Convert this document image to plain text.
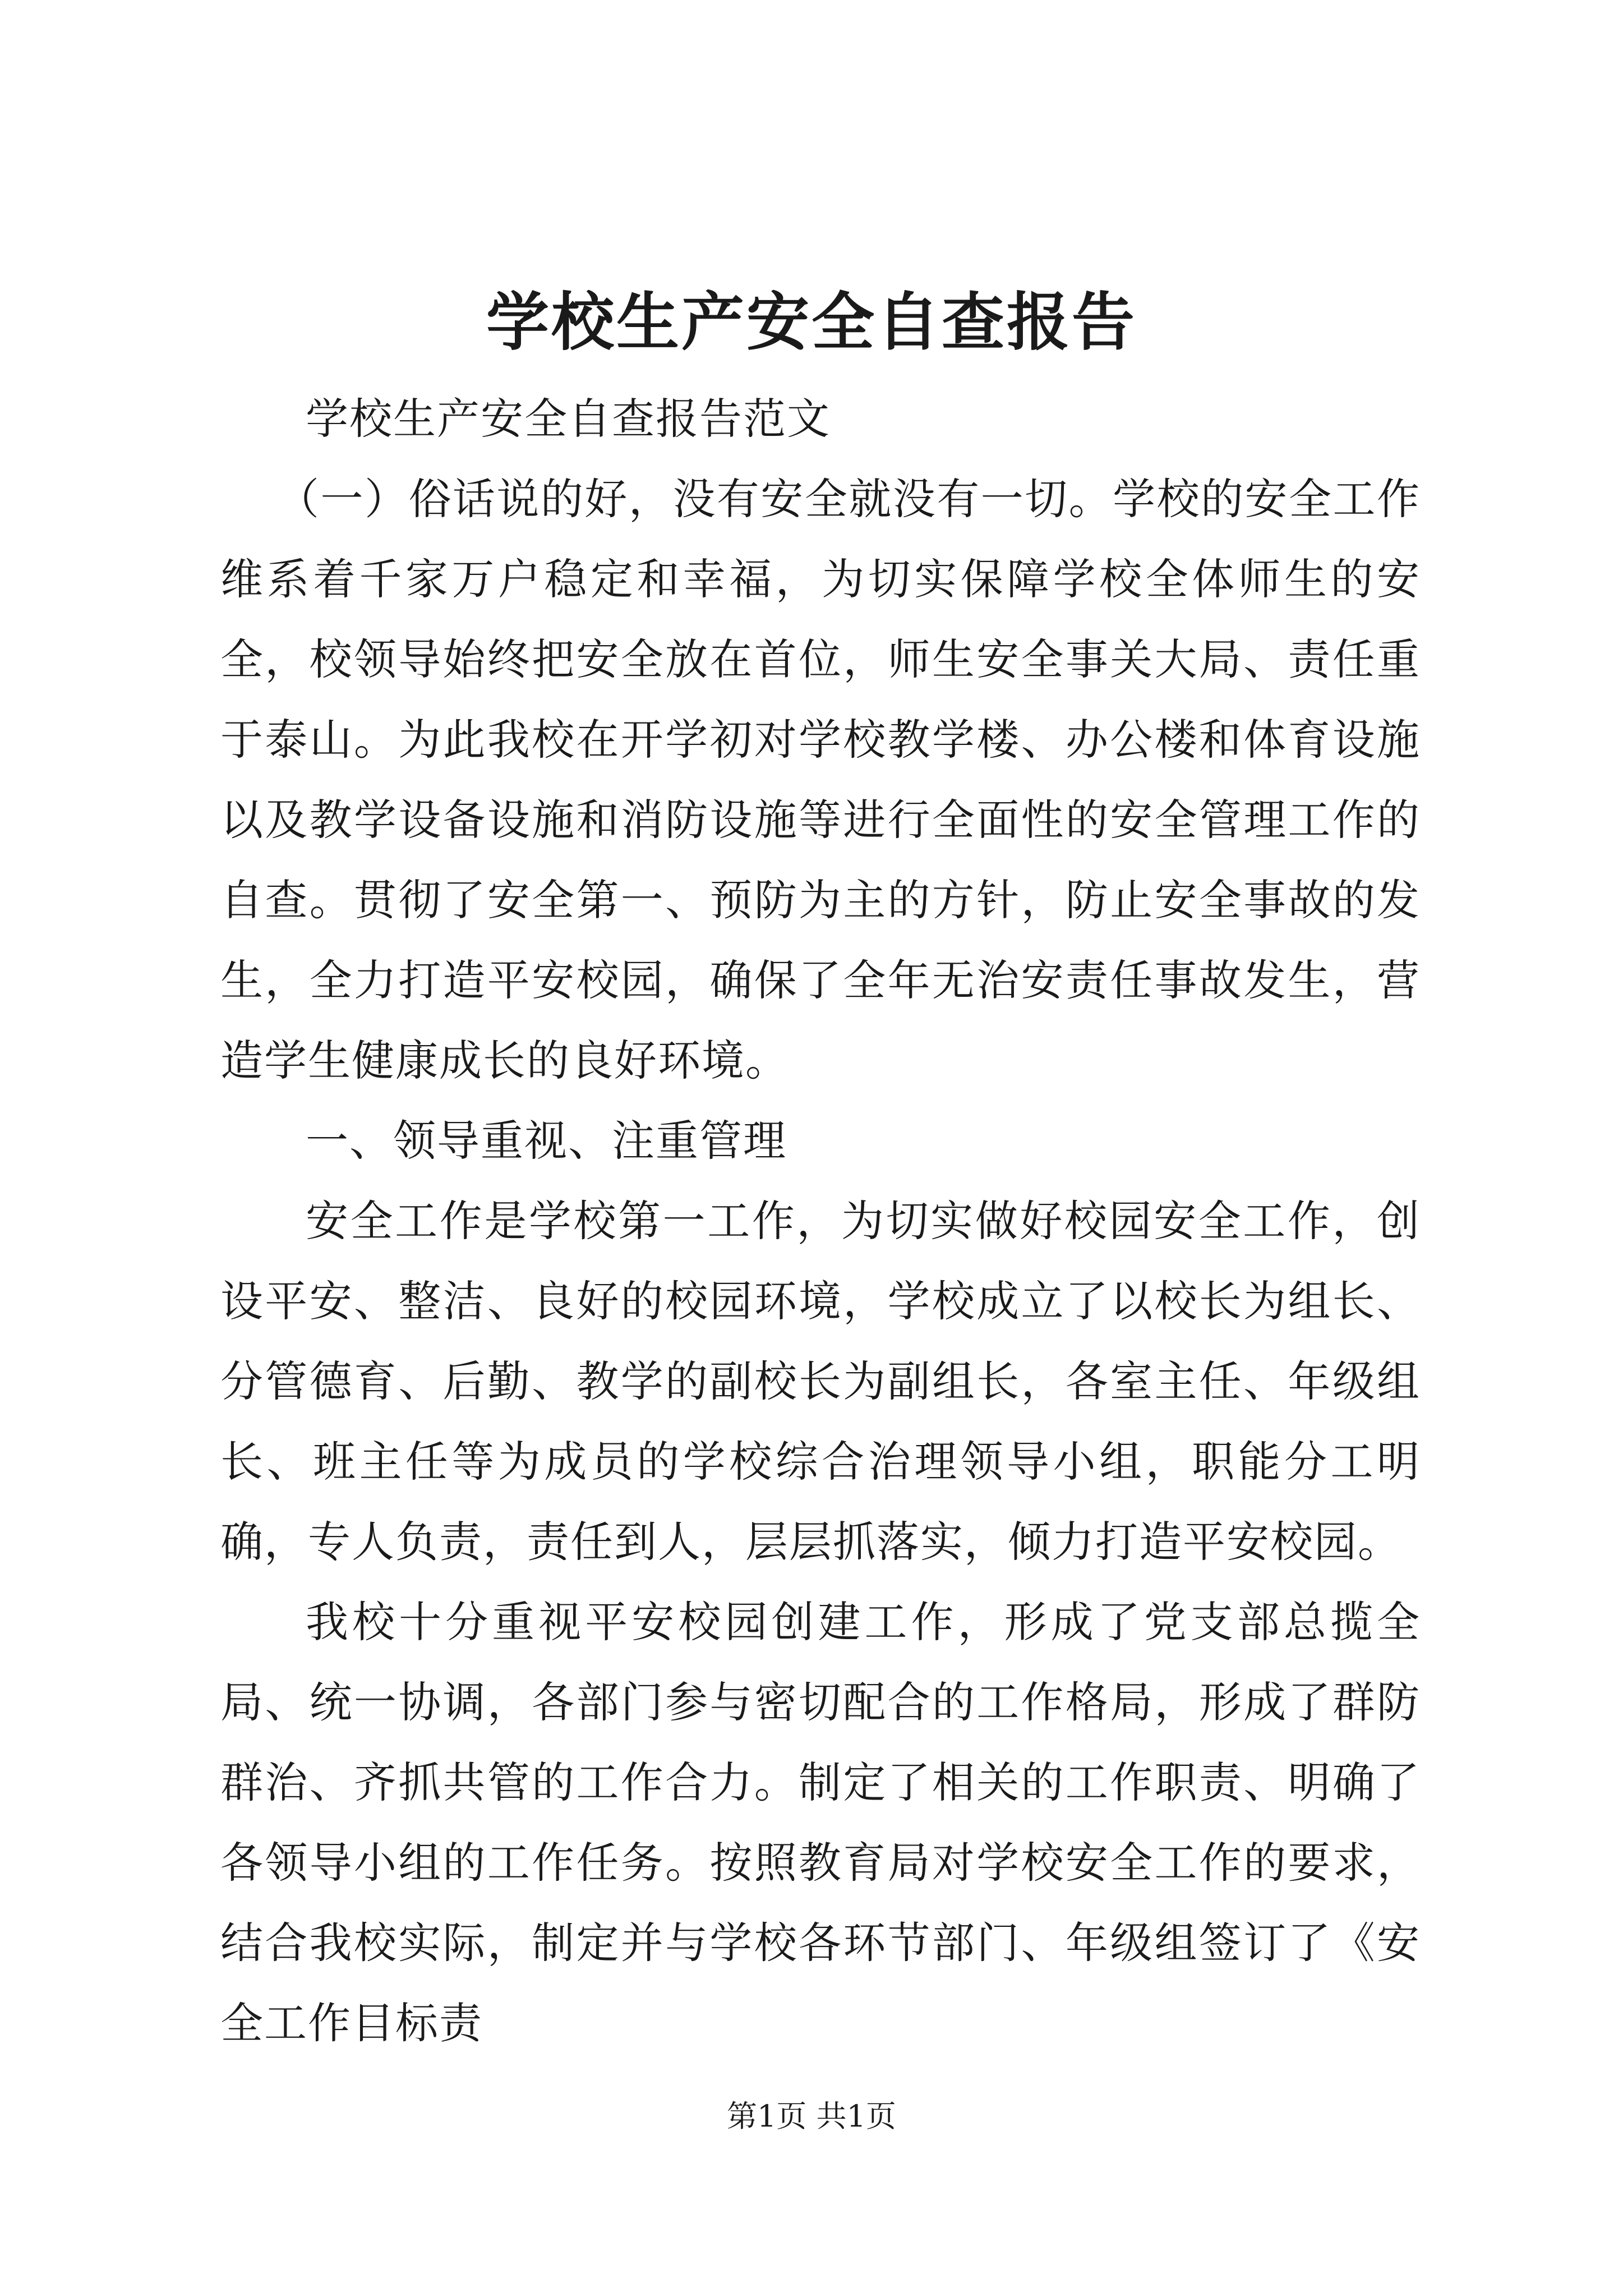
学校生产安全自查报告

学校生产安全自查报告范文

（一）俗话说的好，没有安全就没有一切。学校的安全工作维系着千家万户稳定和幸福，为切实保障学校全体师生的安全，校领导始终把安全放在首位，师生安全事关大局、责任重于泰山。为此我校在开学初对学校教学楼、办公楼和体育设施以及教学设备设施和消防设施等进行全面性的安全管理工作的自查。贯彻了安全第一、预防为主的方针，防止安全事故的发生，全力打造平安校园，确保了全年无治安责任事故发生，营造学生健康成长的良好环境。

一、领导重视、注重管理

安全工作是学校第一工作，为切实做好校园安全工作，创设平安、整洁、良好的校园环境，学校成立了以校长为组长、分管德育、后勤、教学的副校长为副组长，各室主任、年级组长、班主任等为成员的学校综合治理领导小组，职能分工明确，专人负责，责任到人，层层抓落实，倾力打造平安校园。

我校十分重视平安校园创建工作，形成了党支部总揽全局、统一协调，各部门参与密切配合的工作格局，形成了群防群治、齐抓共管的工作合力。制定了相关的工作职责、明确了各领导小组的工作任务。按照教育局对学校安全工作的要求，结合我校实际，制定并与学校各环节部门、年级组签订了《安全工作目标责

第1页 共1页
